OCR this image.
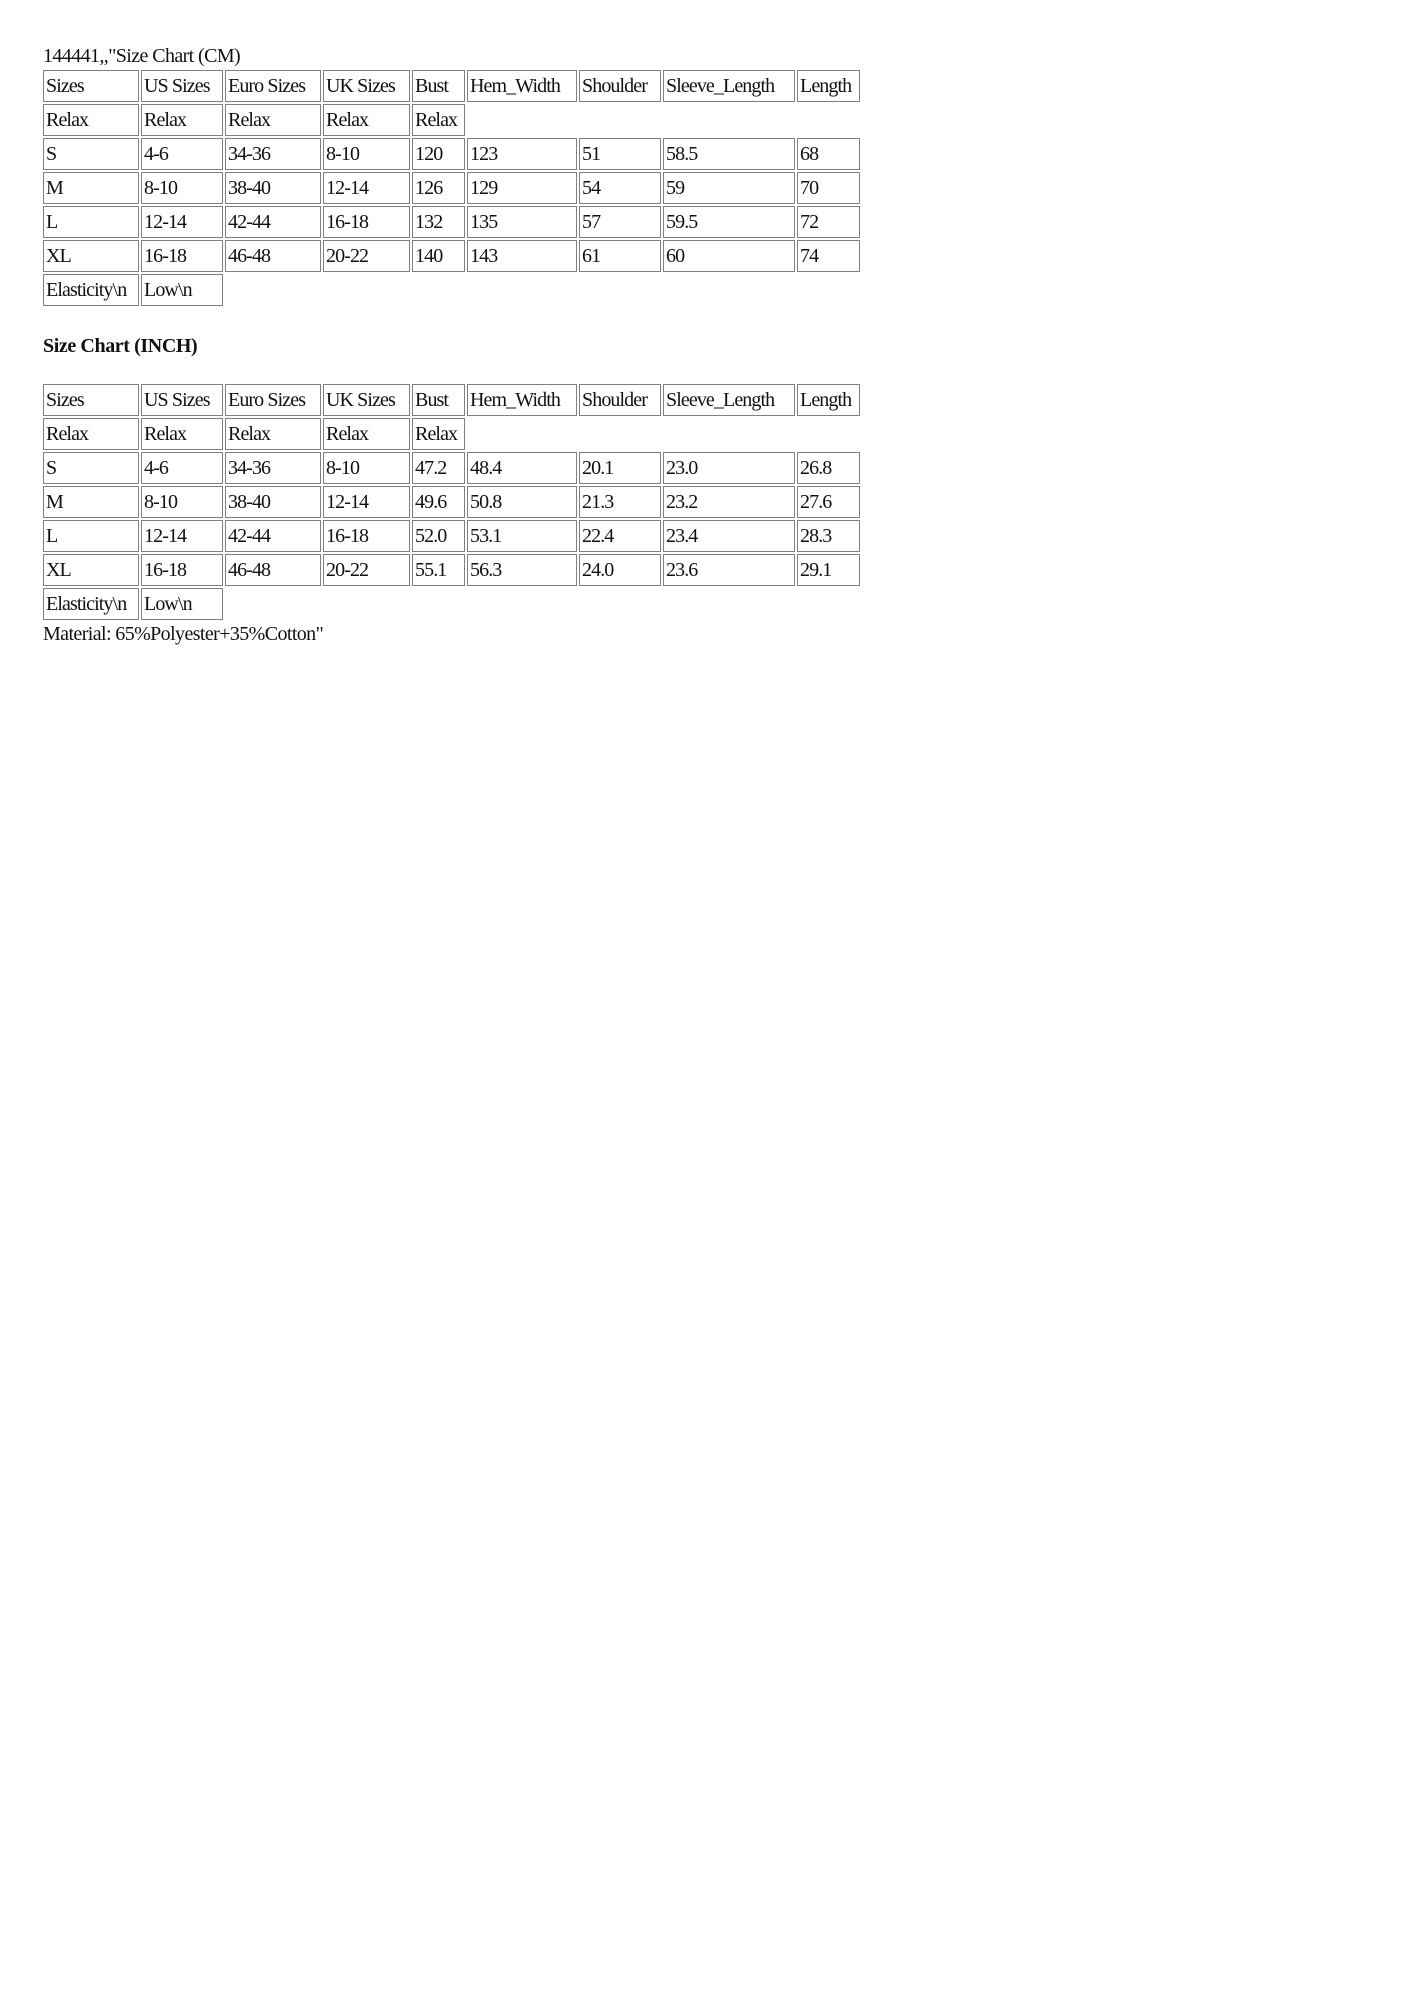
144441,,"Size Chart (CM)
Sizes	US Sizes	Euro Sizes	UK Sizes	Bust	Hem_Width	Shoulder	Sleeve_Length	Length
Relax	Relax	Relax	Relax	Relax				
S	4-6	34-36	8-10	120	123	51	58.5	68
M	8-10	38-40	12-14	126	129	54	59	70
L	12-14	42-44	16-18	132	135	57	59.5	72
XL	16-18	46-48	20-22	140	143	61	60	74
Elasticity\n	Low\n							
Size Chart (INCH)
Sizes	US Sizes	Euro Sizes	UK Sizes	Bust	Hem_Width	Shoulder	Sleeve_Length	Length
Relax	Relax	Relax	Relax	Relax				
S	4-6	34-36	8-10	47.2	48.4	20.1	23.0	26.8
M	8-10	38-40	12-14	49.6	50.8	21.3	23.2	27.6
L	12-14	42-44	16-18	52.0	53.1	22.4	23.4	28.3
XL	16-18	46-48	20-22	55.1	56.3	24.0	23.6	29.1
Elasticity\n	Low\n							
Material: 65%Polyester+35%Cotton"
